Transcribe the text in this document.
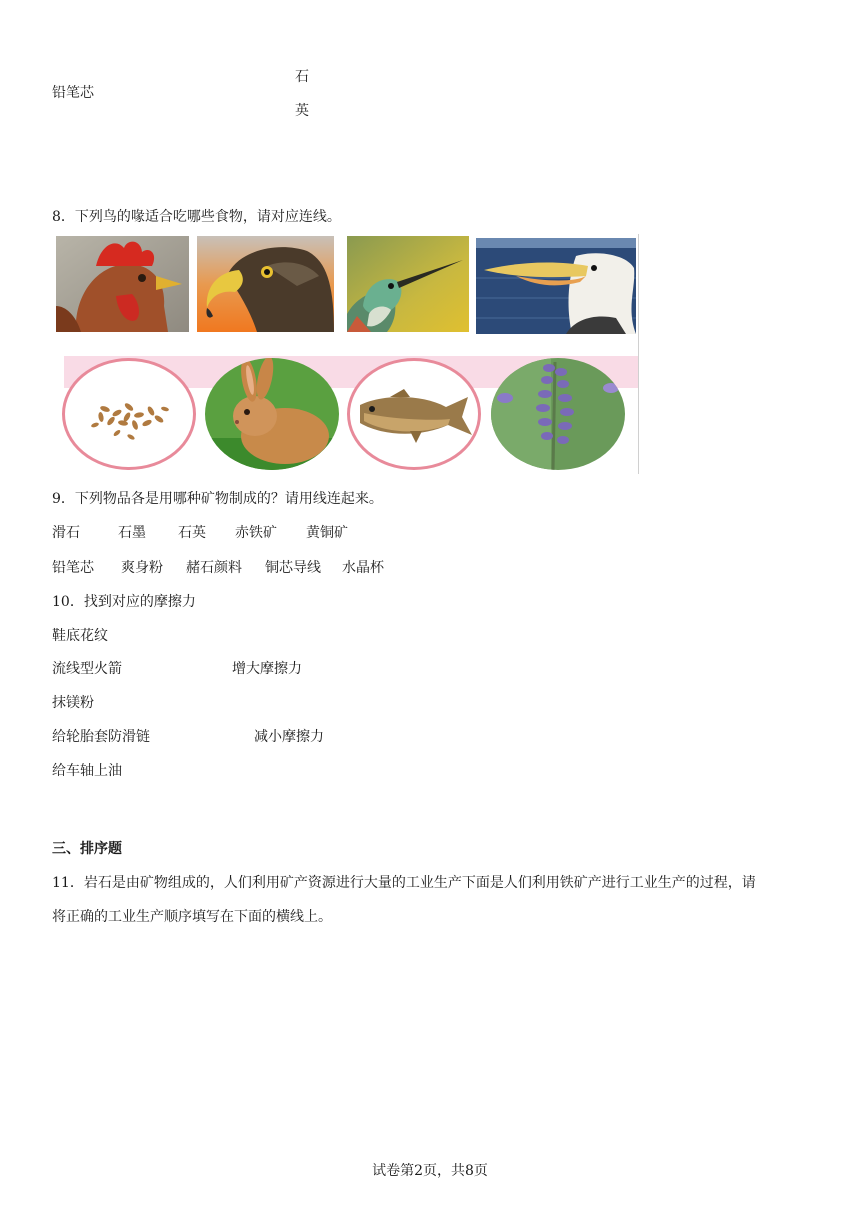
铅笔芯
石
英
8．下列鸟的喙适合吃哪些食物，请对应连线。
9．下列物品各是用哪种矿物制成的？请用线连起来。
滑石	石墨 石英 赤铁矿 黄铜矿
铅笔芯 爽身粉 赭石颜料 铜芯导线 水晶杯
10．找到对应的摩擦力
鞋底花纹
流线型火箭	增大摩擦力
抹镁粉
给轮胎套防滑链	减小摩擦力
给车轴上油
三、排序题
11．岩石是由矿物组成的，人们利用矿产资源进行大量的工业生产下面是人们利用铁矿产进行工业生产的过程，请
将正确的工业生产顺序填写在下面的横线上。
试卷第2页，共8页
